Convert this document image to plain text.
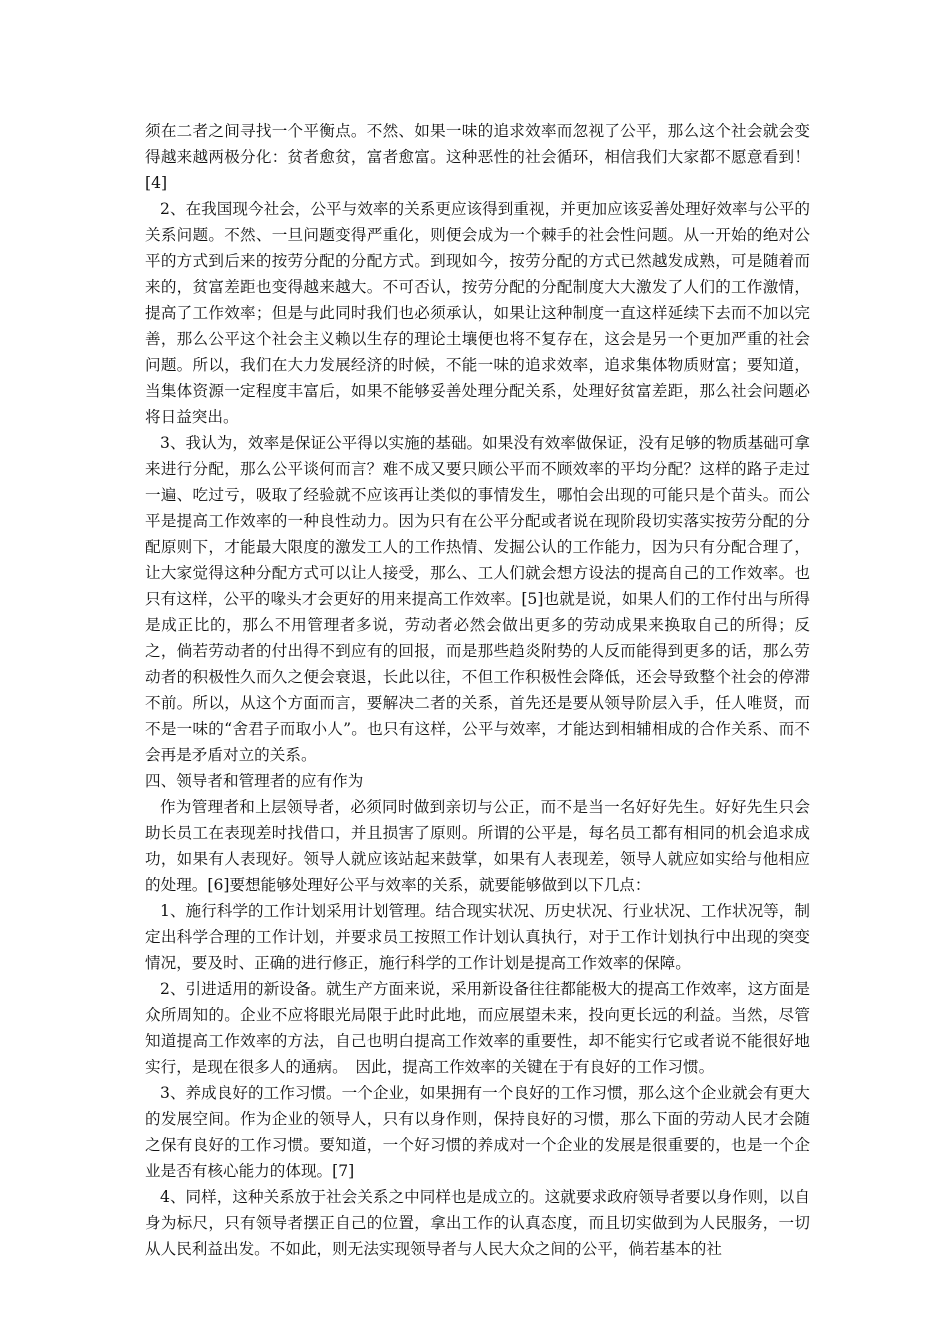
须在二者之间寻找一个平衡点。不然、如果一味的追求效率而忽视了公平，那么这个社会就会变得越来越两极分化：贫者愈贫，富者愈富。这种恶性的社会循环，相信我们大家都不愿意看到！[4]

2、在我国现今社会，公平与效率的关系更应该得到重视，并更加应该妥善处理好效率与公平的关系问题。不然、一旦问题变得严重化，则便会成为一个棘手的社会性问题。从一开始的绝对公平的方式到后来的按劳分配的分配方式。到现如今，按劳分配的方式已然越发成熟，可是随着而来的，贫富差距也变得越来越大。不可否认，按劳分配的分配制度大大激发了人们的工作激情，提高了工作效率；但是与此同时我们也必须承认，如果让这种制度一直这样延续下去而不加以完善，那么公平这个社会主义赖以生存的理论土壤便也将不复存在，这会是另一个更加严重的社会问题。所以，我们在大力发展经济的时候，不能一味的追求效率，追求集体物质财富；要知道，当集体资源一定程度丰富后，如果不能够妥善处理分配关系，处理好贫富差距，那么社会问题必将日益突出。

3、我认为，效率是保证公平得以实施的基础。如果没有效率做保证，没有足够的物质基础可拿来进行分配，那么公平谈何而言？难不成又要只顾公平而不顾效率的平均分配？这样的路子走过一遍、吃过亏，吸取了经验就不应该再让类似的事情发生，哪怕会出现的可能只是个苗头。而公平是提高工作效率的一种良性动力。因为只有在公平分配或者说在现阶段切实落实按劳分配的分配原则下，才能最大限度的激发工人的工作热情、发掘公认的工作能力，因为只有分配合理了，让大家觉得这种分配方式可以让人接受，那么、工人们就会想方设法的提高自己的工作效率。也只有这样，公平的喙头才会更好的用来提高工作效率。[5]也就是说，如果人们的工作付出与所得是成正比的，那么不用管理者多说，劳动者必然会做出更多的劳动成果来换取自己的所得；反之，倘若劳动者的付出得不到应有的回报，而是那些趋炎附势的人反而能得到更多的话，那么劳动者的积极性久而久之便会衰退，长此以往，不但工作积极性会降低，还会导致整个社会的停滞不前。所以，从这个方面而言，要解决二者的关系，首先还是要从领导阶层入手，任人唯贤，而不是一味的“舍君子而取小人”。也只有这样，公平与效率，才能达到相辅相成的合作关系、而不会再是矛盾对立的关系。

四、领导者和管理者的应有作为

作为管理者和上层领导者，必须同时做到亲切与公正，而不是当一名好好先生。好好先生只会助长员工在表现差时找借口，并且损害了原则。所谓的公平是，每名员工都有相同的机会追求成功，如果有人表现好。领导人就应该站起来鼓掌，如果有人表现差，领导人就应如实给与他相应的处理。[6]要想能够处理好公平与效率的关系，就要能够做到以下几点：

1、施行科学的工作计划采用计划管理。结合现实状况、历史状况、行业状况、工作状况等，制定出科学合理的工作计划，并要求员工按照工作计划认真执行，对于工作计划执行中出现的突变情况，要及时、正确的进行修正，施行科学的工作计划是提高工作效率的保障。

2、引进适用的新设备。就生产方面来说，采用新设备往往都能极大的提高工作效率，这方面是众所周知的。企业不应将眼光局限于此时此地，而应展望未来，投向更长远的利益。当然，尽管知道提高工作效率的方法，自己也明白提高工作效率的重要性，却不能实行它或者说不能很好地实行，是现在很多人的通病。　因此，提高工作效率的关键在于有良好的工作习惯。

3、养成良好的工作习惯。一个企业，如果拥有一个良好的工作习惯，那么这个企业就会有更大的发展空间。作为企业的领导人，只有以身作则，保持良好的习惯，那么下面的劳动人民才会随之保有良好的工作习惯。要知道，一个好习惯的养成对一个企业的发展是很重要的，也是一个企业是否有核心能力的体现。[7]

4、同样，这种关系放于社会关系之中同样也是成立的。这就要求政府领导者要以身作则，以自身为标尺，只有领导者摆正自己的位置，拿出工作的认真态度，而且切实做到为人民服务，一切从人民利益出发。不如此，则无法实现领导者与人民大众之间的公平，倘若基本的社
